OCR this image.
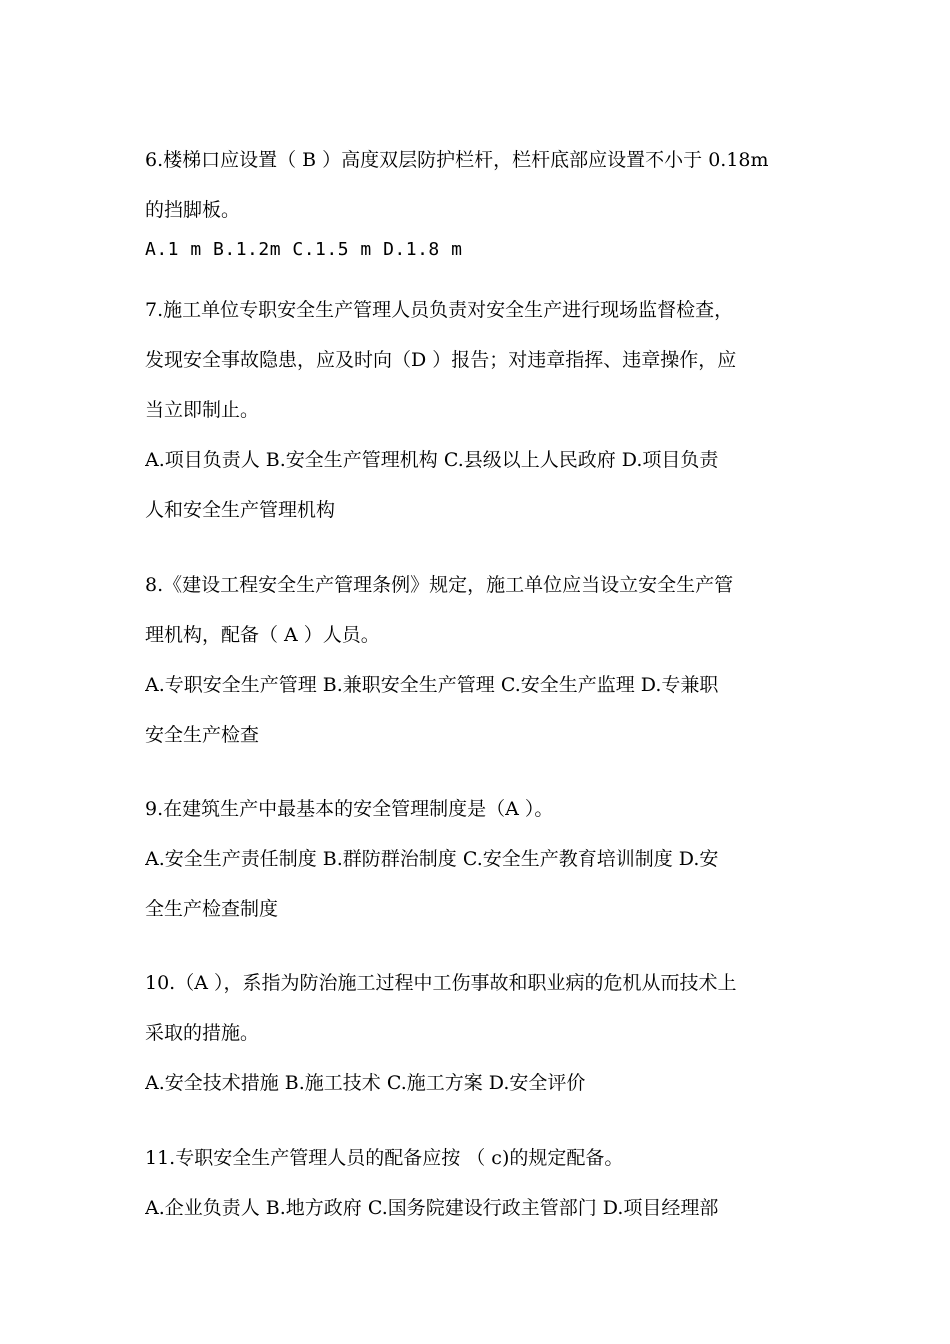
6.楼梯口应设置（ B ）高度双层防护栏杆，栏杆底部应设置不小于 0.18m
的挡脚板。
A.1 m B.1.2m C.1.5 m D.1.8 m
7.施工单位专职安全生产管理人员负责对安全生产进行现场监督检查，
发现安全事故隐患，应及时向（D ）报告；对违章指挥、违章操作，应
当立即制止。
A.项目负责人 B.安全生产管理机构 C.县级以上人民政府 D.项目负责
人和安全生产管理机构
8.《建设工程安全生产管理条例》规定，施工单位应当设立安全生产管
理机构，配备（ A ）人员。
A.专职安全生产管理 B.兼职安全生产管理 C.安全生产监理 D.专兼职
安全生产检查
9.在建筑生产中最基本的安全管理制度是（A ）。
A.安全生产责任制度 B.群防群治制度 C.安全生产教育培训制度 D.安
全生产检查制度
10.（A ），系指为防治施工过程中工伤事故和职业病的危机从而技术上
采取的措施。
A.安全技术措施 B.施工技术 C.施工方案 D.安全评价
11.专职安全生产管理人员的配备应按 （ c)的规定配备。
A.企业负责人 B.地方政府 C.国务院建设行政主管部门 D.项目经理部
